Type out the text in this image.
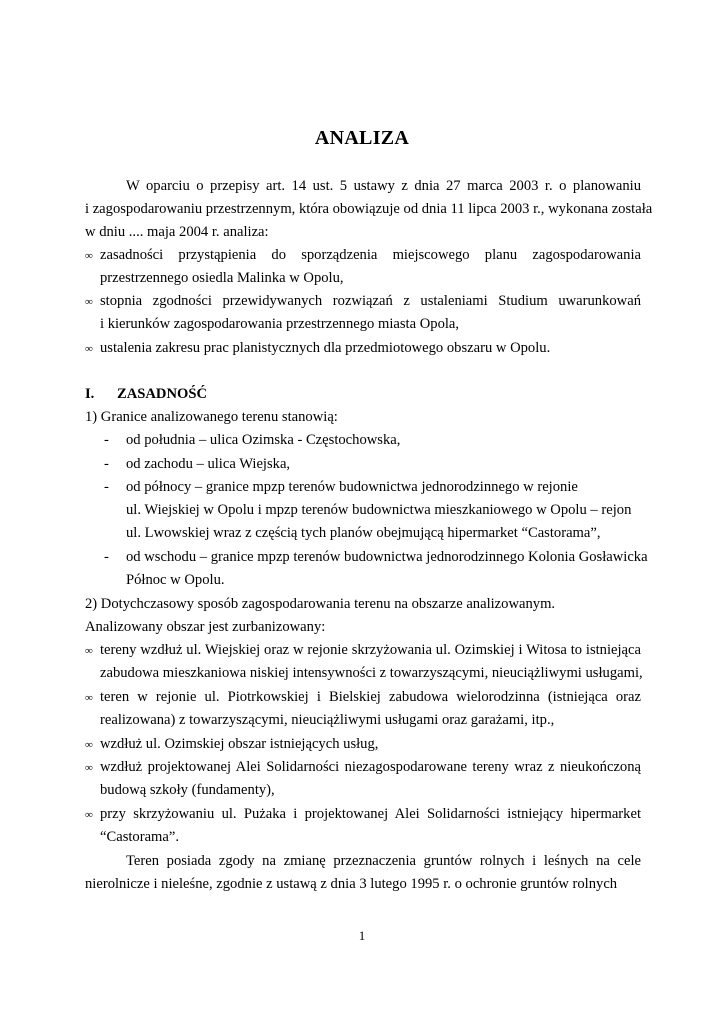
ANALIZA
W oparciu o przepisy art. 14 ust. 5 ustawy z dnia 27 marca 2003 r. o planowaniu
i zagospodarowaniu przestrzennym, która obowiązuje od dnia 11 lipca 2003 r., wykonana została
w dniu .... maja 2004 r. analiza:
∞ zasadności przystąpienia do sporządzenia miejscowego planu zagospodarowania
przestrzennego osiedla Malinka w Opolu,
∞ stopnia zgodności przewidywanych rozwiązań z ustaleniami Studium uwarunkowań
i kierunków zagospodarowania przestrzennego miasta Opola,
∞ ustalenia zakresu prac planistycznych dla przedmiotowego obszaru w Opolu.
I. ZASADNOŚĆ
1) Granice analizowanego terenu stanowią:
- od południa – ulica Ozimska - Częstochowska,
- od zachodu – ulica Wiejska,
- od północy – granice mpzp terenów budownictwa jednorodzinnego w rejonie
ul. Wiejskiej w Opolu i mpzp terenów budownictwa mieszkaniowego w Opolu – rejon
ul. Lwowskiej wraz z częścią tych planów obejmującą hipermarket “Castorama”,
- od wschodu – granice mpzp terenów budownictwa jednorodzinnego Kolonia Gosławicka
Północ w Opolu.
2) Dotychczasowy sposób zagospodarowania terenu na obszarze analizowanym.
Analizowany obszar jest zurbanizowany:
∞ tereny wzdłuż ul. Wiejskiej oraz w rejonie skrzyżowania ul. Ozimskiej i Witosa to istniejąca
zabudowa mieszkaniowa niskiej intensywności z towarzyszącymi, nieuciążliwymi usługami,
∞ teren w rejonie ul. Piotrkowskiej i Bielskiej zabudowa wielorodzinna (istniejąca oraz
realizowana) z towarzyszącymi, nieuciążliwymi usługami oraz garażami, itp.,
∞ wzdłuż ul. Ozimskiej obszar istniejących usług,
∞ wzdłuż projektowanej Alei Solidarności niezagospodarowane tereny wraz z nieukończoną
budową szkoły (fundamenty),
∞ przy skrzyżowaniu ul. Pużaka i projektowanej Alei Solidarności istniejący hipermarket
“Castorama”.
Teren posiada zgody na zmianę przeznaczenia gruntów rolnych i leśnych na cele
nierolnicze i nieleśne, zgodnie z ustawą z dnia 3 lutego 1995 r. o ochronie gruntów rolnych
1
